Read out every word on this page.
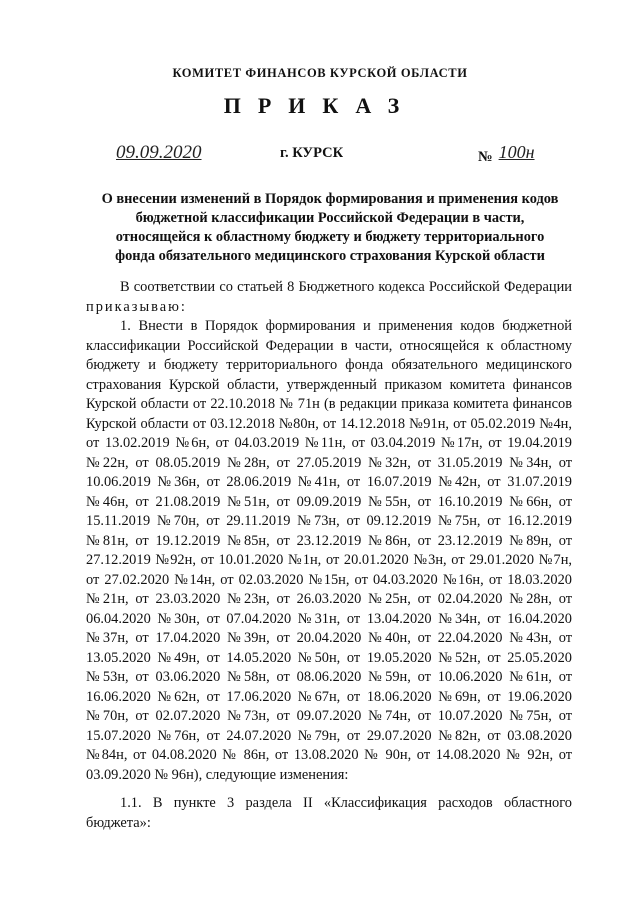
КОМИТЕТ ФИНАНСОВ КУРСКОЙ ОБЛАСТИ
ПРИКАЗ
09.09.2020	г. КУРСК	№ 100н
О внесении изменений в Порядок формирования и применения кодов
бюджетной классификации Российской Федерации в части,
относящейся к областному бюджету и бюджету территориального
фонда обязательного медицинского страхования Курской области
В соответствии со статьей 8 Бюджетного кодекса Российской Федерации приказываю:
1. Внести в Порядок формирования и применения кодов бюджетной классификации Российской Федерации в части, относящейся к областному бюджету и бюджету территориального фонда обязательного медицинского страхования Курской области, утвержденный приказом комитета финансов Курской области от 22.10.2018 № 71н (в редакции приказа комитета финансов Курской области от 03.12.2018 №80н, от 14.12.2018 №91н, от 05.02.2019 №4н, от 13.02.2019 №6н, от 04.03.2019 №11н, от 03.04.2019 №17н, от 19.04.2019 №22н, от 08.05.2019 №28н, от 27.05.2019 №32н, от 31.05.2019 №34н, от 10.06.2019 №36н, от 28.06.2019 №41н, от 16.07.2019 №42н, от 31.07.2019 №46н, от 21.08.2019 №51н, от 09.09.2019 №55н, от 16.10.2019 №66н, от 15.11.2019 №70н, от 29.11.2019 №73н, от 09.12.2019 №75н, от 16.12.2019 №81н, от 19.12.2019 №85н, от 23.12.2019 №86н, от 23.12.2019 №89н, от 27.12.2019 №92н, от 10.01.2020 №1н, от 20.01.2020 №3н, от 29.01.2020 №7н, от 27.02.2020 №14н, от 02.03.2020 №15н, от 04.03.2020 №16н, от 18.03.2020 №21н, от 23.03.2020 №23н, от 26.03.2020 №25н, от 02.04.2020 №28н, от 06.04.2020 №30н, от 07.04.2020 №31н, от 13.04.2020 №34н, от 16.04.2020 №37н, от 17.04.2020 №39н, от 20.04.2020 №40н, от 22.04.2020 №43н, от 13.05.2020 №49н, от 14.05.2020 №50н, от 19.05.2020 №52н, от 25.05.2020 №53н, от 03.06.2020 №58н, от 08.06.2020 №59н, от 10.06.2020 №61н, от 16.06.2020 №62н, от 17.06.2020 №67н, от 18.06.2020 №69н, от 19.06.2020 №70н, от 02.07.2020 №73н, от 09.07.2020 №74н, от 10.07.2020 №75н, от 15.07.2020 №76н, от 24.07.2020 №79н, от 29.07.2020 №82н, от 03.08.2020 №84н, от 04.08.2020 № 86н, от 13.08.2020 № 90н, от 14.08.2020 № 92н, от 03.09.2020 № 96н), следующие изменения:
1.1. В пункте 3 раздела II «Классификация расходов областного бюджета»:
